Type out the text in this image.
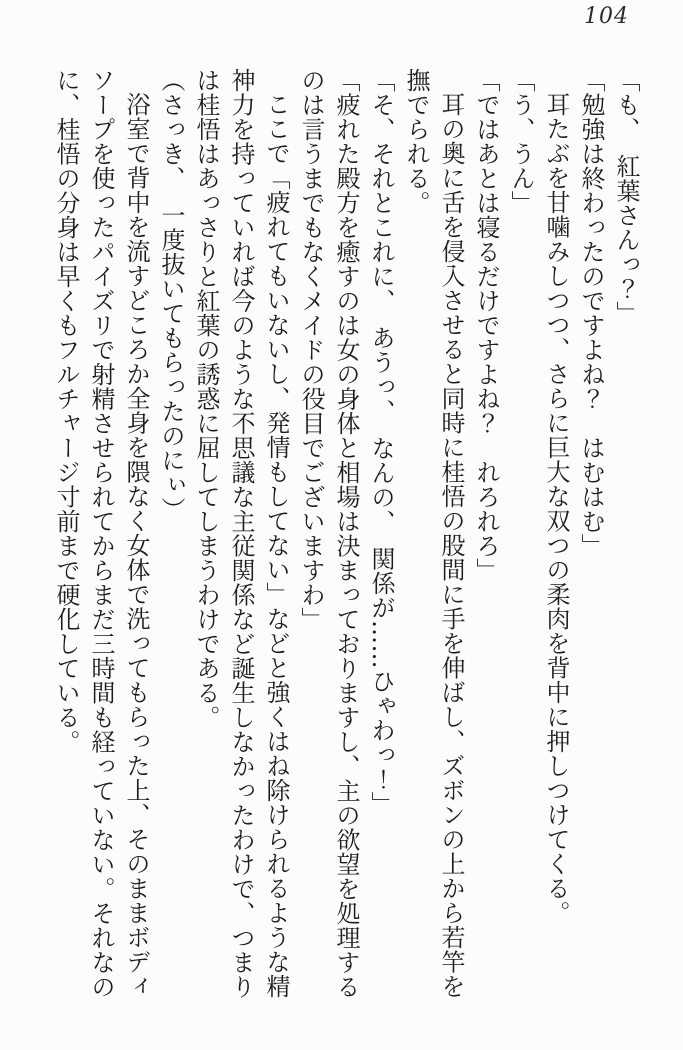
104

「も、　紅葉さんっ？」

「勉強は終わったのですよね？　はむはむ」

耳たぶを甘噛みしつつ、さらに巨大な双つの柔肉を背中に押しつけてくる。

「う、うん」

「ではあとは寝るだけですよね？　れろれろ」

耳の奥に舌を侵入させると同時に桂悟の股間に手を伸ばし、ズボンの上から若竿を

撫でられる。

「そ、それとこれに、　あうっ、　なんの、　関係が……ひゃわっ！」

「疲れた殿方を癒すのは女の身体と相場は決まっておりますし、主の欲望を処理する

のは言うまでもなくメイドの役目でございますわ」

ここで「疲れてもいないし、発情もしてない」などと強くはね除けられるような精

神力を持っていれば今のような不思議な主従関係など誕生しなかったわけで、つまり

は桂悟はあっさりと紅葉の誘惑に屈してしまうわけである。

（さっき、　一度抜いてもらったのにぃ）

浴室で背中を流すどころか全身を隈なく女体で洗ってもらった上、そのままボディ

ソープを使ったパイズリで射精させられてからまだ三時間も経っていない。それなの

に、桂悟の分身は早くもフルチャージ寸前まで硬化している。
